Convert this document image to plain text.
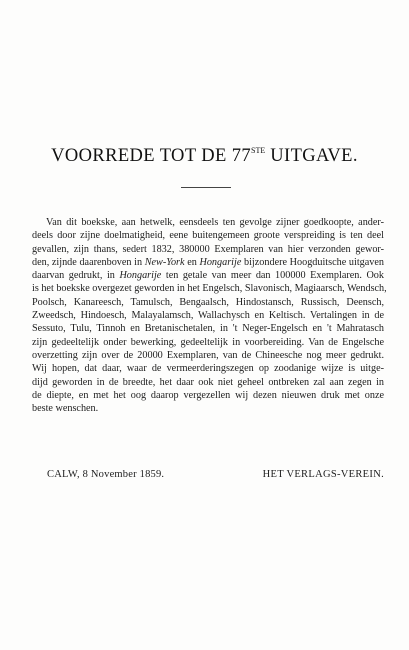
VOORREDE TOT DE 77STE UITGAVE.
Van dit boekske, aan hetwelk, eensdeels ten gevolge zijner goedkoopte, ander-
deels door zijne doelmatigheid, eene buitengemeen groote verspreiding is ten deel
gevallen, zijn thans, sedert 1832, 380000 Exemplaren van hier verzonden gewor-
den, zijnde daarenboven in New-York en Hongarije bijzondere Hoogduitsche uitgaven
daarvan gedrukt, in Hongarije ten getale van meer dan 100000 Exemplaren. Ook
is het boekske overgezet geworden in het Engelsch, Slavonisch, Magiaarsch, Wendsch,
Poolsch, Kanareesch, Tamulsch, Bengaalsch, Hindostansch, Russisch, Deensch,
Zweedsch, Hindoesch, Malayalamsch, Wallachysch en Keltisch. Vertalingen in de
Sessuto, Tulu, Tinnoh en Bretanischetalen, in 't Neger-Engelsch en 't Mahratasch
zijn gedeeltelijk onder bewerking, gedeeltelijk in voorbereiding. Van de Engelsche
overzetting zijn over de 20000 Exemplaren, van de Chineesche nog meer gedrukt.
Wij hopen, dat daar, waar de vermeerderingszegen op zoodanige wijze is uitge-
dijd geworden in de breedte, het daar ook niet geheel ontbreken zal aan zegen in
de diepte, en met het oog daarop vergezellen wij dezen nieuwen druk met onze
beste wenschen.
CALW, 8 November 1859.	HET VERLAGS-VEREIN.
